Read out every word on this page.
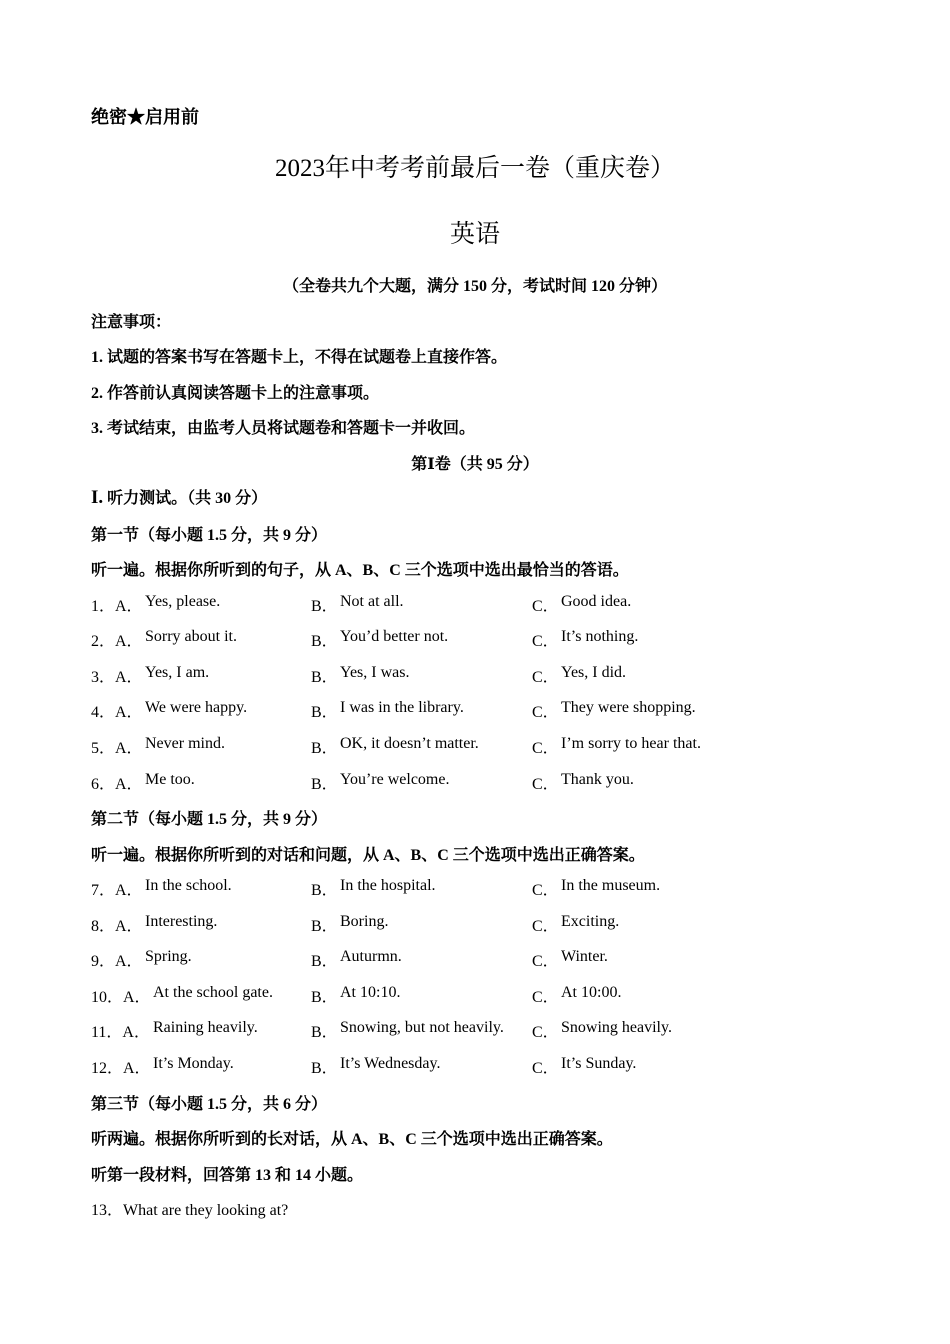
绝密★启用前
2023年中考考前最后一卷（重庆卷）
英语
（全卷共九个大题，满分 150 分，考试时间 120 分钟）
注意事项：
1. 试题的答案书写在答题卡上，不得在试题卷上直接作答。
2. 作答前认真阅读答题卡上的注意事项。
3. 考试结束，由监考人员将试题卷和答题卡一并收回。
第Ⅰ卷（共 95 分）
I. 听力测试。（共 30 分）
第一节（每小题 1.5 分，共 9 分）
听一遍。根据你所听到的句子，从 A、B、C 三个选项中选出最恰当的答语。
1．A． Yes, please.	B． Not at all.	C． Good idea.
2．A． Sorry about it.	B． You’d better not.	C． It’s nothing.
3．A． Yes, I am.	B． Yes, I was.	C． Yes, I did.
4．A． We were happy.	B． I was in the library.	C． They were shopping.
5．A． Never mind.	B． OK, it doesn’t matter.	C． I’m sorry to hear that.
6．A． Me too.	B． You’re welcome.	C． Thank you.
第二节（每小题 1.5 分，共 9 分）
听一遍。根据你所听到的对话和问题，从 A、B、C 三个选项中选出正确答案。
7．A． In the school.	B． In the hospital.	C． In the museum.
8．A． Interesting.	B． Boring.	C． Exciting.
9．A． Spring.	B． Auturmn.	C． Winter.
10．A． At the school gate. B． At 10:10.	C． At 10:00.
11．A． Raining heavily.	B． Snowing, but not heavily. C． Snowing heavily.
12．A． It’s Monday.	B． It’s Wednesday.	C． It’s Sunday.
第三节（每小题 1.5 分，共 6 分）
听两遍。根据你所听到的长对话，从 A、B、C 三个选项中选出正确答案。
听第一段材料，回答第 13 和 14 小题。
13．What are they looking at?
